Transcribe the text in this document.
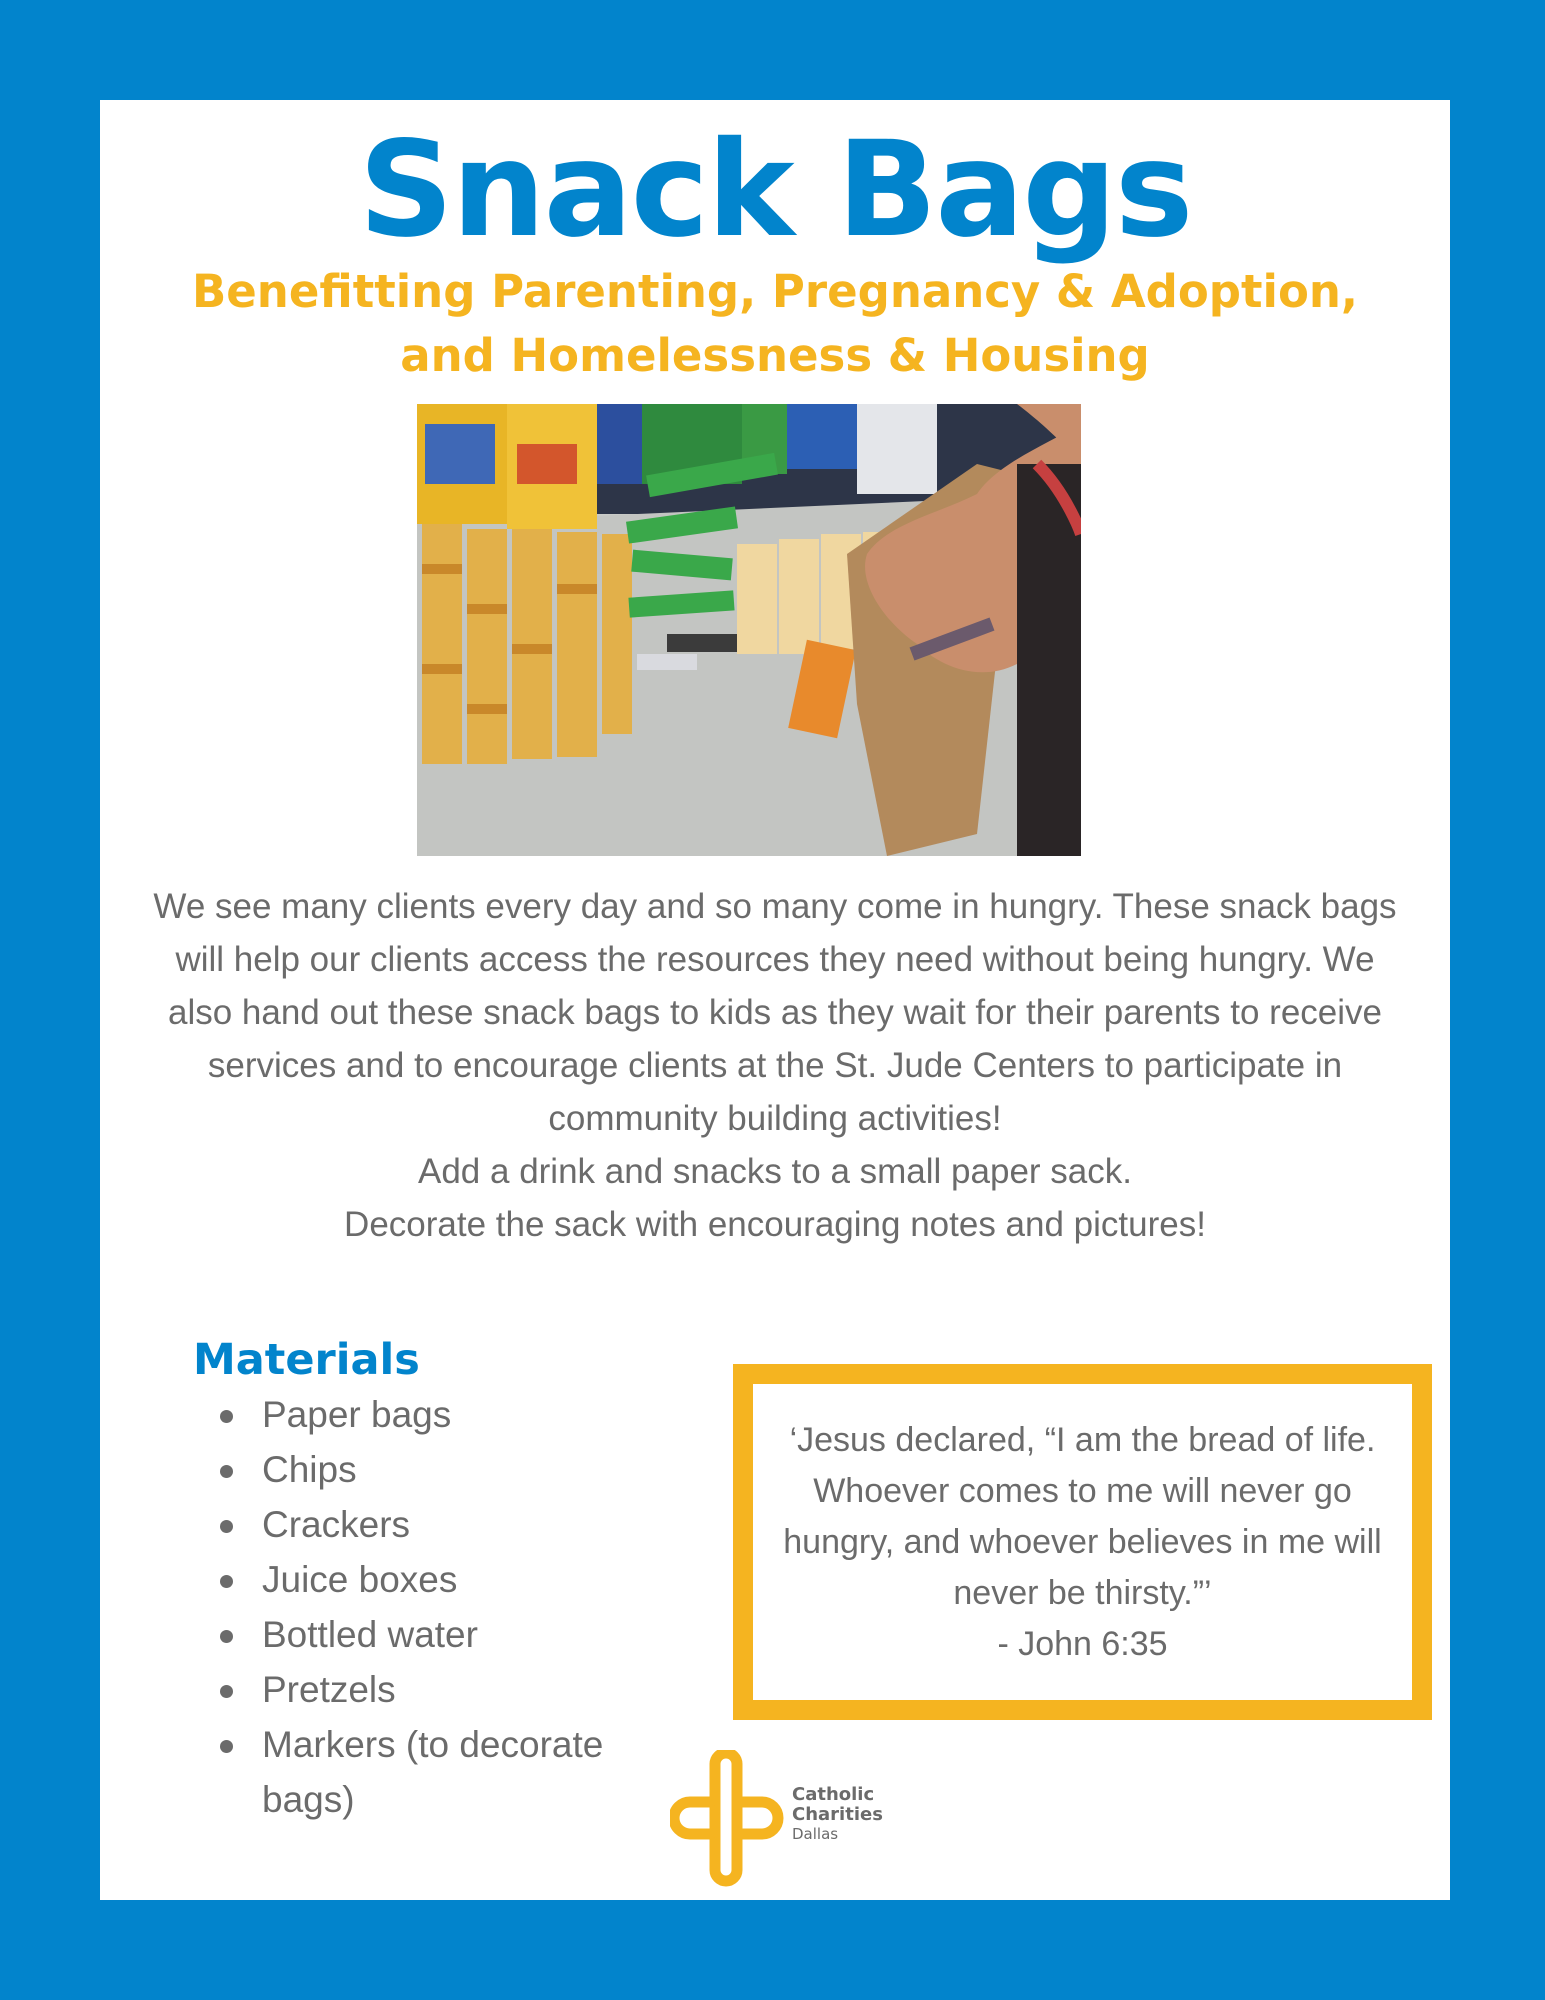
Snack Bags
Benefitting Parenting, Pregnancy & Adoption,
and Homelessness & Housing

We see many clients every day and so many come in hungry. These snack bags will help our clients access the resources they need without being hungry. We also hand out these snack bags to kids as they wait for their parents to receive services and to encourage clients at the St. Jude Centers to participate in community building activities!

Add a drink and snacks to a small paper sack.

Decorate the sack with encouraging notes and pictures!

Materials
Paper bags
Chips
Crackers
Juice boxes
Bottled water
Pretzels
Markers (to decorate bags)
‘Jesus declared, “I am the bread of life. Whoever comes to me will never go hungry, and whoever believes in me will never be thirsty.”’
- John 6:35
Catholic
Charities
Dallas
